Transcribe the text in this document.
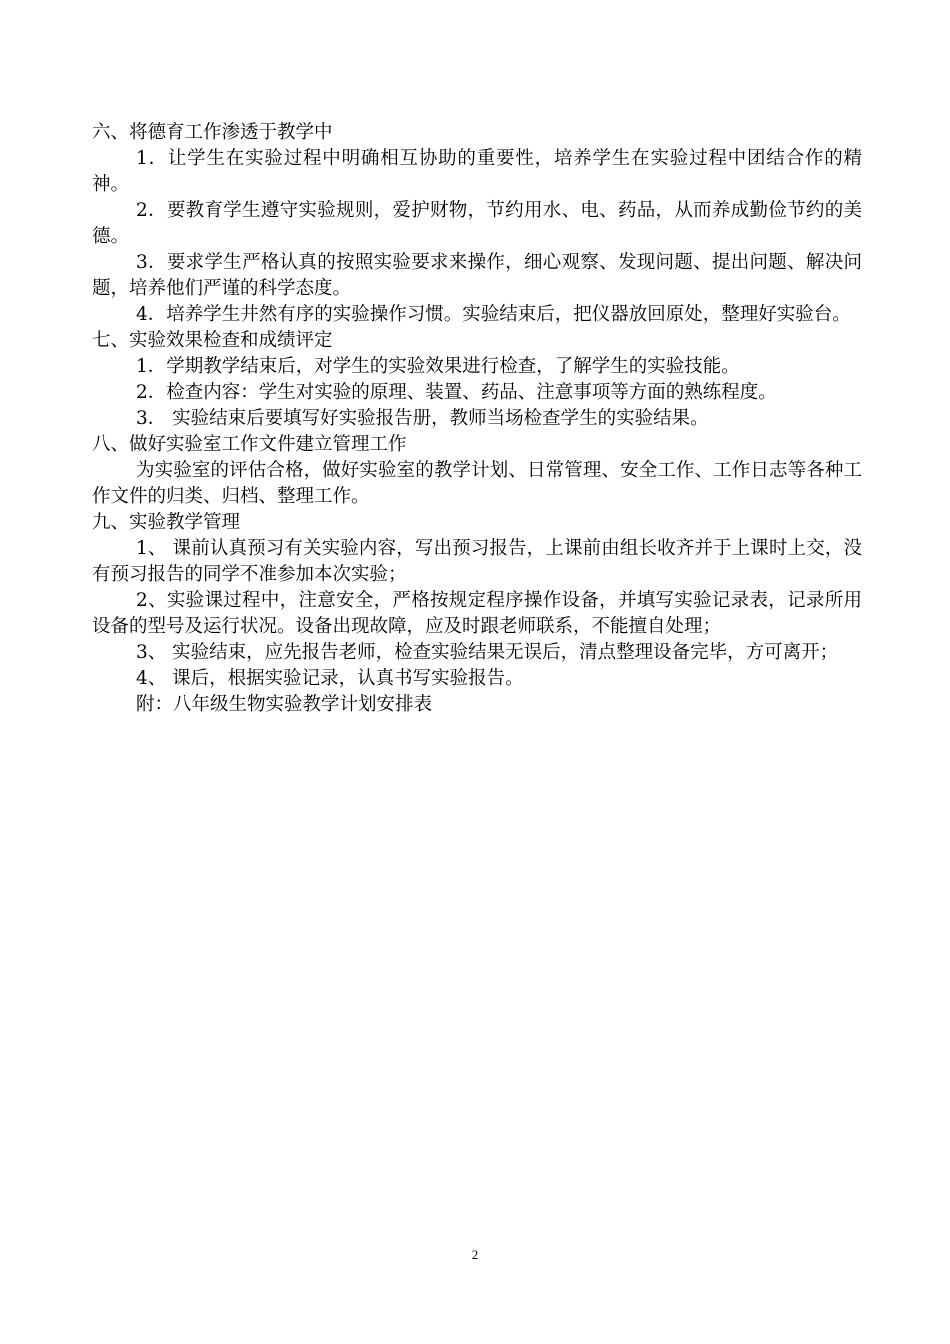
六、将德育工作渗透于教学中

1．让学生在实验过程中明确相互协助的重要性，培养学生在实验过程中团结合作的精神。

2．要教育学生遵守实验规则，爱护财物，节约用水、电、药品，从而养成勤俭节约的美德。

3．要求学生严格认真的按照实验要求来操作，细心观察、发现问题、提出问题、解决问题，培养他们严谨的科学态度。

4．培养学生井然有序的实验操作习惯。实验结束后，把仪器放回原处，整理好实验台。

七、实验效果检查和成绩评定

1．学期教学结束后，对学生的实验效果进行检查，了解学生的实验技能。

2．检查内容：学生对实验的原理、装置、药品、注意事项等方面的熟练程度。

3． 实验结束后要填写好实验报告册，教师当场检查学生的实验结果。

八、做好实验室工作文件建立管理工作

为实验室的评估合格，做好实验室的教学计划、日常管理、安全工作、工作日志等各种工作文件的归类、归档、整理工作。

九、实验教学管理

1、 课前认真预习有关实验内容，写出预习报告，上课前由组长收齐并于上课时上交，没有预习报告的同学不准参加本次实验；

2、实验课过程中，注意安全，严格按规定程序操作设备，并填写实验记录表，记录所用设备的型号及运行状况。设备出现故障，应及时跟老师联系，不能擅自处理；

3、 实验结束，应先报告老师，检查实验结果无误后，清点整理设备完毕，方可离开；

4、 课后，根据实验记录，认真书写实验报告。

附：八年级生物实验教学计划安排表

2
